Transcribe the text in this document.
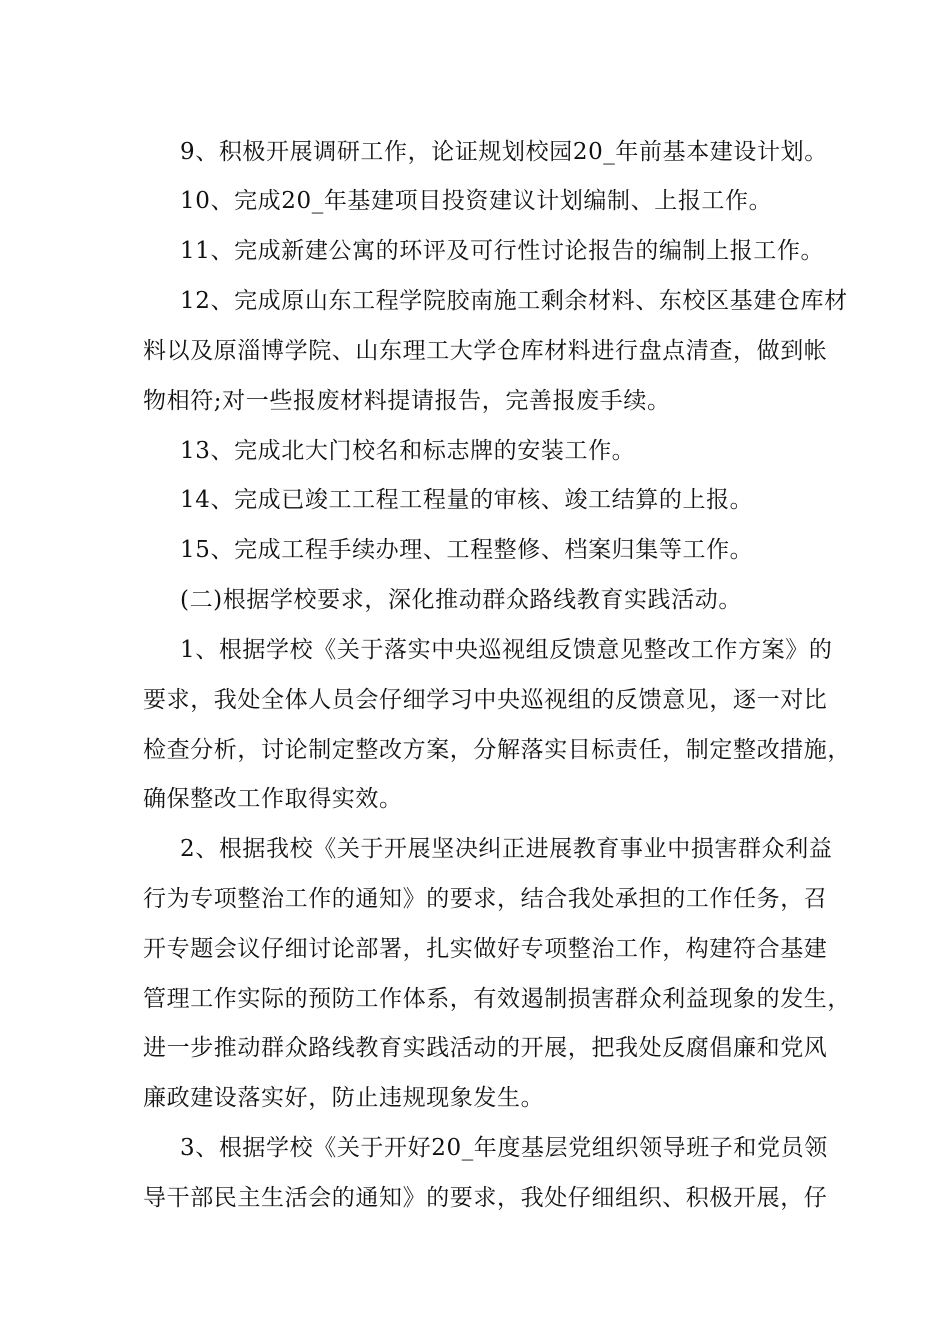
9、积极开展调研工作，论证规划校园20_年前基本建设计划。
10、完成20_年基建项目投资建议计划编制、上报工作。
11、完成新建公寓的环评及可行性讨论报告的编制上报工作。
12、完成原山东工程学院胶南施工剩余材料、东校区基建仓库材
料以及原淄博学院、山东理工大学仓库材料进行盘点清查，做到帐
物相符;对一些报废材料提请报告，完善报废手续。
13、完成北大门校名和标志牌的安装工作。
14、完成已竣工工程工程量的审核、竣工结算的上报。
15、完成工程手续办理、工程整修、档案归集等工作。
(二)根据学校要求，深化推动群众路线教育实践活动。
1、根据学校《关于落实中央巡视组反馈意见整改工作方案》的
要求，我处全体人员会仔细学习中央巡视组的反馈意见，逐一对比
检查分析，讨论制定整改方案，分解落实目标责任，制定整改措施，
确保整改工作取得实效。
2、根据我校《关于开展坚决纠正进展教育事业中损害群众利益
行为专项整治工作的通知》的要求，结合我处承担的工作任务，召
开专题会议仔细讨论部署，扎实做好专项整治工作，构建符合基建
管理工作实际的预防工作体系，有效遏制损害群众利益现象的发生，
进一步推动群众路线教育实践活动的开展，把我处反腐倡廉和党风
廉政建设落实好，防止违规现象发生。
3、根据学校《关于开好20_年度基层党组织领导班子和党员领
导干部民主生活会的通知》的要求，我处仔细组织、积极开展，仔
